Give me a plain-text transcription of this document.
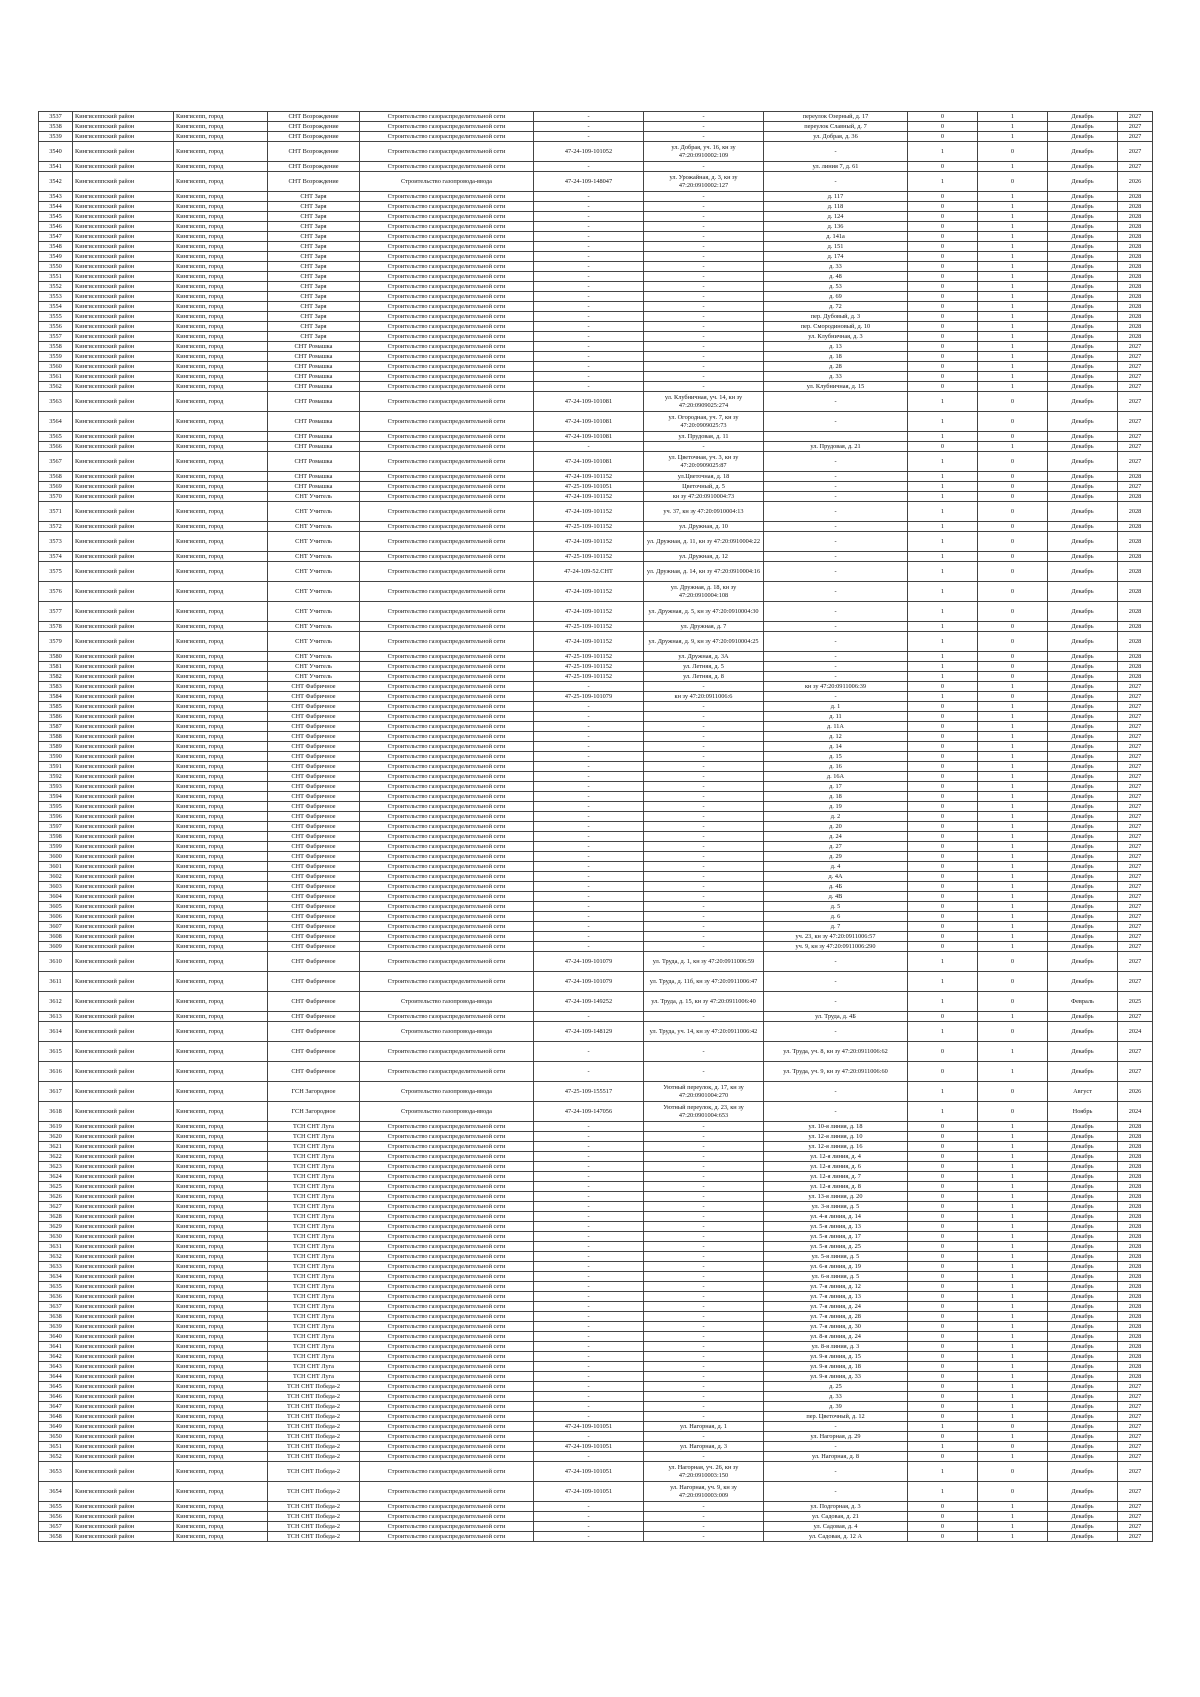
3537	Кингисеппский район	Кингисепп, город	СНТ Возрождение	Строительство газораспределительной сети	-	-	переулок Озерный, д. 17	0	1	Декабрь	2027
3538	Кингисеппский район	Кингисепп, город	СНТ Возрождение	Строительство газораспределительной сети	-	-	переулок Славный, д. 7	0	1	Декабрь	2027
3539	Кингисеппский район	Кингисепп, город	СНТ Возрождение	Строительство газораспределительной сети	-	-	ул. Добрая, д. 36	0	1	Декабрь	2027
3540	Кингисеппский район	Кингисепп, город	СНТ Возрождение	Строительство газораспределительной сети	47-24-109-101052	ул. Добрая, уч. 16, кн зу 47:20:0910002:109	-	1	0	Декабрь	2027
3541	Кингисеппский район	Кингисепп, город	СНТ Возрождение	Строительство газораспределительной сети	-	-	ул. линия 7, д. 61	0	1	Декабрь	2027
3542	Кингисеппский район	Кингисепп, город	СНТ Возрождение	Строительство газопровода-ввода	47-24-109-148047	ул. Урожайная, д. 3, кн зу 47:20:0910002:127	-	1	0	Декабрь	2026
3543	Кингисеппский район	Кингисепп, город	СНТ Заря	Строительство газораспределительной сети	-	-	д. 117	0	1	Декабрь	2028
3544	Кингисеппский район	Кингисепп, город	СНТ Заря	Строительство газораспределительной сети	-	-	д. 118	0	1	Декабрь	2028
3545	Кингисеппский район	Кингисепп, город	СНТ Заря	Строительство газораспределительной сети	-	-	д. 124	0	1	Декабрь	2028
3546	Кингисеппский район	Кингисепп, город	СНТ Заря	Строительство газораспределительной сети	-	-	д. 136	0	1	Декабрь	2028
3547	Кингисеппский район	Кингисепп, город	СНТ Заря	Строительство газораспределительной сети	-	-	д. 141а	0	1	Декабрь	2028
3548	Кингисеппский район	Кингисепп, город	СНТ Заря	Строительство газораспределительной сети	-	-	д. 151	0	1	Декабрь	2028
3549	Кингисеппский район	Кингисепп, город	СНТ Заря	Строительство газораспределительной сети	-	-	д. 174	0	1	Декабрь	2028
3550	Кингисеппский район	Кингисепп, город	СНТ Заря	Строительство газораспределительной сети	-	-	д. 33	0	1	Декабрь	2028
3551	Кингисеппский район	Кингисепп, город	СНТ Заря	Строительство газораспределительной сети	-	-	д. 48	0	1	Декабрь	2028
3552	Кингисеппский район	Кингисепп, город	СНТ Заря	Строительство газораспределительной сети	-	-	д. 53	0	1	Декабрь	2028
3553	Кингисеппский район	Кингисепп, город	СНТ Заря	Строительство газораспределительной сети	-	-	д. 69	0	1	Декабрь	2028
3554	Кингисеппский район	Кингисепп, город	СНТ Заря	Строительство газораспределительной сети	-	-	д. 72	0	1	Декабрь	2028
3555	Кингисеппский район	Кингисепп, город	СНТ Заря	Строительство газораспределительной сети	-	-	пер. Дубовый, д. 3	0	1	Декабрь	2028
3556	Кингисеппский район	Кингисепп, город	СНТ Заря	Строительство газораспределительной сети	-	-	пер. Смородиновый, д. 10	0	1	Декабрь	2028
3557	Кингисеппский район	Кингисепп, город	СНТ Заря	Строительство газораспределительной сети	-	-	ул. Клубничная, д. 3	0	1	Декабрь	2028
3558	Кингисеппский район	Кингисепп, город	СНТ Ромашка	Строительство газораспределительной сети	-	-	д. 13	0	1	Декабрь	2027
3559	Кингисеппский район	Кингисепп, город	СНТ Ромашка	Строительство газораспределительной сети	-	-	д. 18	0	1	Декабрь	2027
3560	Кингисеппский район	Кингисепп, город	СНТ Ромашка	Строительство газораспределительной сети	-	-	д. 28	0	1	Декабрь	2027
3561	Кингисеппский район	Кингисепп, город	СНТ Ромашка	Строительство газораспределительной сети	-	-	д. 33	0	1	Декабрь	2027
3562	Кингисеппский район	Кингисепп, город	СНТ Ромашка	Строительство газораспределительной сети	-	-	ул. Клубничная, д. 15	0	1	Декабрь	2027
3563	Кингисеппский район	Кингисепп, город	СНТ Ромашка	Строительство газораспределительной сети	47-24-109-101081	ул. Клубничная, уч. 14, кн зу 47:20:0909025:274	-	1	0	Декабрь	2027
3564	Кингисеппский район	Кингисепп, город	СНТ Ромашка	Строительство газораспределительной сети	47-24-109-101081	ул. Огородная, уч. 7, кн зу 47:20:0909025:73	-	1	0	Декабрь	2027
3565	Кингисеппский район	Кингисепп, город	СНТ Ромашка	Строительство газораспределительной сети	47-24-109-101081	ул. Прудовая, д. 11		1	0	Декабрь	2027
3566	Кингисеппский район	Кингисепп, город	СНТ Ромашка	Строительство газораспределительной сети	-	-	ул. Прудовая, д. 21	0	1	Декабрь	2027
3567	Кингисеппский район	Кингисепп, город	СНТ Ромашка	Строительство газораспределительной сети	47-24-109-101081	ул. Цветочная, уч. 3, кн зу 47:20:0909025:87	-	1	0	Декабрь	2027
3568	Кингисеппский район	Кингисепп, город	СНТ Ромашка	Строительство газораспределительной сети	47-24-109-101152	ул.Цветочная, д. 18	-	1	0	Декабрь	2028
3569	Кингисеппский район	Кингисепп, город	СНТ Ромашка	Строительство газораспределительной сети	47-25-109-101051	Цветочный, д. 5	-	1	0	Декабрь	2027
3570	Кингисеппский район	Кингисепп, город	СНТ Учитель	Строительство газораспределительной сети	47-24-109-101152	кн зу 47:20:0910004:73	-	1	0	Декабрь	2028
3571	Кингисеппский район	Кингисепп, город	СНТ Учитель	Строительство газораспределительной сети	47-24-109-101152	уч. 37, кн зу 47:20:0910004:13	-	1	0	Декабрь	2028
3572	Кингисеппский район	Кингисепп, город	СНТ Учитель	Строительство газораспределительной сети	47-25-109-101152	ул. Дружная, д. 10	-	1	0	Декабрь	2028
3573	Кингисеппский район	Кингисепп, город	СНТ Учитель	Строительство газораспределительной сети	47-24-109-101152	ул. Дружная, д. 11, кн зу 47:20:0910004:22	-	1	0	Декабрь	2028
3574	Кингисеппский район	Кингисепп, город	СНТ Учитель	Строительство газораспределительной сети	47-25-109-101152	ул. Дружная, д. 12	-	1	0	Декабрь	2028
3575	Кингисеппский район	Кингисепп, город	СНТ Учитель	Строительство газораспределительной сети	47-24-109-52.СНТ	ул. Дружная, д. 14, кн зу 47:20:0910004:16	-	1	0	Декабрь	2028
3576	Кингисеппский район	Кингисепп, город	СНТ Учитель	Строительство газораспределительной сети	47-24-109-101152	ул. Дружная, д. 18, кн зу 47:20:0910004:108	-	1	0	Декабрь	2028
3577	Кингисеппский район	Кингисепп, город	СНТ Учитель	Строительство газораспределительной сети	47-24-109-101152	ул. Дружная, д. 5, кн зу 47:20:0910004:30	-	1	0	Декабрь	2028
3578	Кингисеппский район	Кингисепп, город	СНТ Учитель	Строительство газораспределительной сети	47-25-109-101152	ул. Дружная, д. 7	-	1	0	Декабрь	2028
3579	Кингисеппский район	Кингисепп, город	СНТ Учитель	Строительство газораспределительной сети	47-24-109-101152	ул. Дружная, д. 9, кн зу 47:20:0910004:25	-	1	0	Декабрь	2028
3580	Кингисеппский район	Кингисепп, город	СНТ Учитель	Строительство газораспределительной сети	47-25-109-101152	ул. Дружная, д. 3А	-	1	0	Декабрь	2028
3581	Кингисеппский район	Кингисепп, город	СНТ Учитель	Строительство газораспределительной сети	47-25-109-101152	ул. Летняя, д. 5	-	1	0	Декабрь	2028
3582	Кингисеппский район	Кингисепп, город	СНТ Учитель	Строительство газораспределительной сети	47-25-109-101152	ул. Летняя, д. 8	-	1	0	Декабрь	2028
3583	Кингисеппский район	Кингисепп, город	СНТ Фабричное	Строительство газораспределительной сети	-	-	кн зу 47:20:0911006:39	0	1	Декабрь	2027
3584	Кингисеппский район	Кингисепп, город	СНТ Фабричное	Строительство газораспределительной сети	47-25-109-101079	кн зу 47:20:0911006:6	-	1	0	Декабрь	2027
3585	Кингисеппский район	Кингисепп, город	СНТ Фабричное	Строительство газораспределительной сети	-	-	д. 1	0	1	Декабрь	2027
3586	Кингисеппский район	Кингисепп, город	СНТ Фабричное	Строительство газораспределительной сети	-	-	д. 11	0	1	Декабрь	2027
3587	Кингисеппский район	Кингисепп, город	СНТ Фабричное	Строительство газораспределительной сети	-	-	д. 11А	0	1	Декабрь	2027
3588	Кингисеппский район	Кингисепп, город	СНТ Фабричное	Строительство газораспределительной сети	-	-	д. 12	0	1	Декабрь	2027
3589	Кингисеппский район	Кингисепп, город	СНТ Фабричное	Строительство газораспределительной сети	-	-	д. 14	0	1	Декабрь	2027
3590	Кингисеппский район	Кингисепп, город	СНТ Фабричное	Строительство газораспределительной сети	-	-	д. 15	0	1	Декабрь	2027
3591	Кингисеппский район	Кингисепп, город	СНТ Фабричное	Строительство газораспределительной сети	-	-	д. 16	0	1	Декабрь	2027
3592	Кингисеппский район	Кингисепп, город	СНТ Фабричное	Строительство газораспределительной сети	-	-	д. 16А	0	1	Декабрь	2027
3593	Кингисеппский район	Кингисепп, город	СНТ Фабричное	Строительство газораспределительной сети	-	-	д. 17	0	1	Декабрь	2027
3594	Кингисеппский район	Кингисепп, город	СНТ Фабричное	Строительство газораспределительной сети	-	-	д. 18	0	1	Декабрь	2027
3595	Кингисеппский район	Кингисепп, город	СНТ Фабричное	Строительство газораспределительной сети	-	-	д. 19	0	1	Декабрь	2027
3596	Кингисеппский район	Кингисепп, город	СНТ Фабричное	Строительство газораспределительной сети	-	-	д. 2	0	1	Декабрь	2027
3597	Кингисеппский район	Кингисепп, город	СНТ Фабричное	Строительство газораспределительной сети	-	-	д. 20	0	1	Декабрь	2027
3598	Кингисеппский район	Кингисепп, город	СНТ Фабричное	Строительство газораспределительной сети	-	-	д. 24	0	1	Декабрь	2027
3599	Кингисеппский район	Кингисепп, город	СНТ Фабричное	Строительство газораспределительной сети	-	-	д. 27	0	1	Декабрь	2027
3600	Кингисеппский район	Кингисепп, город	СНТ Фабричное	Строительство газораспределительной сети	-	-	д. 29	0	1	Декабрь	2027
3601	Кингисеппский район	Кингисепп, город	СНТ Фабричное	Строительство газораспределительной сети	-	-	д. 4	0	1	Декабрь	2027
3602	Кингисеппский район	Кингисепп, город	СНТ Фабричное	Строительство газораспределительной сети	-	-	д. 4А	0	1	Декабрь	2027
3603	Кингисеппский район	Кингисепп, город	СНТ Фабричное	Строительство газораспределительной сети	-	-	д. 4Б	0	1	Декабрь	2027
3604	Кингисеппский район	Кингисепп, город	СНТ Фабричное	Строительство газораспределительной сети	-	-	д. 4В	0	1	Декабрь	2027
3605	Кингисеппский район	Кингисепп, город	СНТ Фабричное	Строительство газораспределительной сети	-	-	д. 5	0	1	Декабрь	2027
3606	Кингисеппский район	Кингисепп, город	СНТ Фабричное	Строительство газораспределительной сети	-	-	д. 6	0	1	Декабрь	2027
3607	Кингисеппский район	Кингисепп, город	СНТ Фабричное	Строительство газораспределительной сети	-	-	д. 7	0	1	Декабрь	2027
3608	Кингисеппский район	Кингисепп, город	СНТ Фабричное	Строительство газораспределительной сети	-	-	уч. 23, кн зу 47:20:0911006:57	0	1	Декабрь	2027
3609	Кингисеппский район	Кингисепп, город	СНТ Фабричное	Строительство газораспределительной сети	-	-	уч. 9, кн зу 47:20:0911006:290	0	1	Декабрь	2027
3610	Кингисеппский район	Кингисепп, город	СНТ Фабричное	Строительство газораспределительной сети	47-24-109-101079	ул. Труда, д. 1, кн зу 47:20:0911006:59	-	1	0	Декабрь	2027
3611	Кингисеппский район	Кингисепп, город	СНТ Фабричное	Строительство газораспределительной сети	47-24-109-101079	ул. Труда, д. 11б, кн зу 47:20:0911006:47	-	1	0	Декабрь	2027
3612	Кингисеппский район	Кингисепп, город	СНТ Фабричное	Строительство газопровода-ввода	47-24-109-149252	ул. Труда, д. 15, кн зу 47:20:0911006:40	-	1	0	Февраль	2025
3613	Кингисеппский район	Кингисепп, город	СНТ Фабричное	Строительство газораспределительной сети	-	-	ул. Труда, д. 4Б	0	1	Декабрь	2027
3614	Кингисеппский район	Кингисепп, город	СНТ Фабричное	Строительство газопровода-ввода	47-24-109-148129	ул. Труда, уч. 14, кн зу 47:20:0911006:42	-	1	0	Декабрь	2024
3615	Кингисеппский район	Кингисепп, город	СНТ Фабричное	Строительство газораспределительной сети	-	-	ул. Труда, уч. 8, кн зу 47:20:0911006:62	0	1	Декабрь	2027
3616	Кингисеппский район	Кингисепп, город	СНТ Фабричное	Строительство газораспределительной сети	-	-	ул. Труда, уч. 9, кн зу 47:20:0911006:60	0	1	Декабрь	2027
3617	Кингисеппский район	Кингисепп, город	ГСН Загородное	Строительство газопровода-ввода	47-25-109-155517	Уютный переулок, д. 17, кн зу 47:20:0901004:270	-	1	0	Август	2026
3618	Кингисеппский район	Кингисепп, город	ГСН Загородное	Строительство газопровода-ввода	47-24-109-147056	Уютный переулок, д. 23, кн зу 47:20:0901004:653	-	1	0	Ноябрь	2024
3619	Кингисеппский район	Кингисепп, город	ТСН СНТ Луга	Строительство газораспределительной сети	-	-	ул. 10-я линия, д. 18	0	1	Декабрь	2028
3620	Кингисеппский район	Кингисепп, город	ТСН СНТ Луга	Строительство газораспределительной сети	-	-	ул. 12-я линия, д. 10	0	1	Декабрь	2028
3621	Кингисеппский район	Кингисепп, город	ТСН СНТ Луга	Строительство газораспределительной сети	-	-	ул. 12-я линия, д. 16	0	1	Декабрь	2028
3622	Кингисеппский район	Кингисепп, город	ТСН СНТ Луга	Строительство газораспределительной сети	-	-	ул. 12-я линия, д. 4	0	1	Декабрь	2028
3623	Кингисеппский район	Кингисепп, город	ТСН СНТ Луга	Строительство газораспределительной сети	-	-	ул. 12-я линия, д. 6	0	1	Декабрь	2028
3624	Кингисеппский район	Кингисепп, город	ТСН СНТ Луга	Строительство газораспределительной сети	-	-	ул. 12-я линия, д. 7	0	1	Декабрь	2028
3625	Кингисеппский район	Кингисепп, город	ТСН СНТ Луга	Строительство газораспределительной сети	-	-	ул. 12-я линия, д. 8	0	1	Декабрь	2028
3626	Кингисеппский район	Кингисепп, город	ТСН СНТ Луга	Строительство газораспределительной сети	-	-	ул. 13-я линия, д. 20	0	1	Декабрь	2028
3627	Кингисеппский район	Кингисепп, город	ТСН СНТ Луга	Строительство газораспределительной сети	-	-	ул. 3-я линия, д. 5	0	1	Декабрь	2028
3628	Кингисеппский район	Кингисепп, город	ТСН СНТ Луга	Строительство газораспределительной сети	-	-	ул. 4-я линия, д. 14	0	1	Декабрь	2028
3629	Кингисеппский район	Кингисепп, город	ТСН СНТ Луга	Строительство газораспределительной сети	-	-	ул. 5-я линия, д. 13	0	1	Декабрь	2028
3630	Кингисеппский район	Кингисепп, город	ТСН СНТ Луга	Строительство газораспределительной сети	-	-	ул. 5-я линия, д. 17	0	1	Декабрь	2028
3631	Кингисеппский район	Кингисепп, город	ТСН СНТ Луга	Строительство газораспределительной сети	-	-	ул. 5-я линия, д. 25	0	1	Декабрь	2028
3632	Кингисеппский район	Кингисепп, город	ТСН СНТ Луга	Строительство газораспределительной сети	-	-	ул. 5-я линия, д. 5	0	1	Декабрь	2028
3633	Кингисеппский район	Кингисепп, город	ТСН СНТ Луга	Строительство газораспределительной сети	-	-	ул. 6-я линия, д. 19	0	1	Декабрь	2028
3634	Кингисеппский район	Кингисепп, город	ТСН СНТ Луга	Строительство газораспределительной сети	-	-	ул. 6-я линия, д. 5	0	1	Декабрь	2028
3635	Кингисеппский район	Кингисепп, город	ТСН СНТ Луга	Строительство газораспределительной сети	-	-	ул. 7-я линия, д. 12	0	1	Декабрь	2028
3636	Кингисеппский район	Кингисепп, город	ТСН СНТ Луга	Строительство газораспределительной сети	-	-	ул. 7-я линия, д. 13	0	1	Декабрь	2028
3637	Кингисеппский район	Кингисепп, город	ТСН СНТ Луга	Строительство газораспределительной сети	-	-	ул. 7-я линия, д. 24	0	1	Декабрь	2028
3638	Кингисеппский район	Кингисепп, город	ТСН СНТ Луга	Строительство газораспределительной сети	-	-	ул. 7-я линия, д. 28	0	1	Декабрь	2028
3639	Кингисеппский район	Кингисепп, город	ТСН СНТ Луга	Строительство газораспределительной сети	-	-	ул. 7-я линия, д. 30	0	1	Декабрь	2028
3640	Кингисеппский район	Кингисепп, город	ТСН СНТ Луга	Строительство газораспределительной сети	-	-	ул. 8-я линия, д. 24	0	1	Декабрь	2028
3641	Кингисеппский район	Кингисепп, город	ТСН СНТ Луга	Строительство газораспределительной сети	-	-	ул. 8-я линия, д. 3	0	1	Декабрь	2028
3642	Кингисеппский район	Кингисепп, город	ТСН СНТ Луга	Строительство газораспределительной сети	-	-	ул. 9-я линия, д. 15	0	1	Декабрь	2028
3643	Кингисеппский район	Кингисепп, город	ТСН СНТ Луга	Строительство газораспределительной сети	-	-	ул. 9-я линия, д. 18	0	1	Декабрь	2028
3644	Кингисеппский район	Кингисепп, город	ТСН СНТ Луга	Строительство газораспределительной сети	-	-	ул. 9-я линия, д. 33	0	1	Декабрь	2028
3645	Кингисеппский район	Кингисепп, город	ТСН СНТ Победа-2	Строительство газораспределительной сети	-	-	д. 25	0	1	Декабрь	2027
3646	Кингисеппский район	Кингисепп, город	ТСН СНТ Победа-2	Строительство газораспределительной сети	-	-	д. 33	0	1	Декабрь	2027
3647	Кингисеппский район	Кингисепп, город	ТСН СНТ Победа-2	Строительство газораспределительной сети	-	-	д. 39	0	1	Декабрь	2027
3648	Кингисеппский район	Кингисепп, город	ТСН СНТ Победа-2	Строительство газораспределительной сети	-	-	пер. Цветочный, д. 12	0	1	Декабрь	2027
3649	Кингисеппский район	Кингисепп, город	ТСН СНТ Победа-2	Строительство газораспределительной сети	47-24-109-101051	ул. Нагорная, д. 1	-	1	0	Декабрь	2027
3650	Кингисеппский район	Кингисепп, город	ТСН СНТ Победа-2	Строительство газораспределительной сети	-	-	ул. Нагорная, д. 29	0	1	Декабрь	2027
3651	Кингисеппский район	Кингисепп, город	ТСН СНТ Победа-2	Строительство газораспределительной сети	47-24-109-101051	ул. Нагорная, д. 3	-	1	0	Декабрь	2027
3652	Кингисеппский район	Кингисепп, город	ТСН СНТ Победа-2	Строительство газораспределительной сети	-	-	ул. Нагорная, д. 8	0	1	Декабрь	2027
3653	Кингисеппский район	Кингисепп, город	ТСН СНТ Победа-2	Строительство газораспределительной сети	47-24-109-101051	ул. Нагорная, уч. 26, кн зу 47:20:0910003:150	-	1	0	Декабрь	2027
3654	Кингисеппский район	Кингисепп, город	ТСН СНТ Победа-2	Строительство газораспределительной сети	47-24-109-101051	ул. Нагорная, уч. 9, кн зу 47:20:0910003:009	-	1	0	Декабрь	2027
3655	Кингисеппский район	Кингисепп, город	ТСН СНТ Победа-2	Строительство газораспределительной сети	-	-	ул. Подгорная, д. 3	0	1	Декабрь	2027
3656	Кингисеппский район	Кингисепп, город	ТСН СНТ Победа-2	Строительство газораспределительной сети	-	-	ул. Садовая, д. 21	0	1	Декабрь	2027
3657	Кингисеппский район	Кингисепп, город	ТСН СНТ Победа-2	Строительство газораспределительной сети	-	-	ул. Садовая, д. 4	0	1	Декабрь	2027
3658	Кингисеппский район	Кингисепп, город	ТСН СНТ Победа-2	Строительство газораспределительной сети	-	-	ул. Садовая, д. 12 А	0	1	Декабрь	2027
